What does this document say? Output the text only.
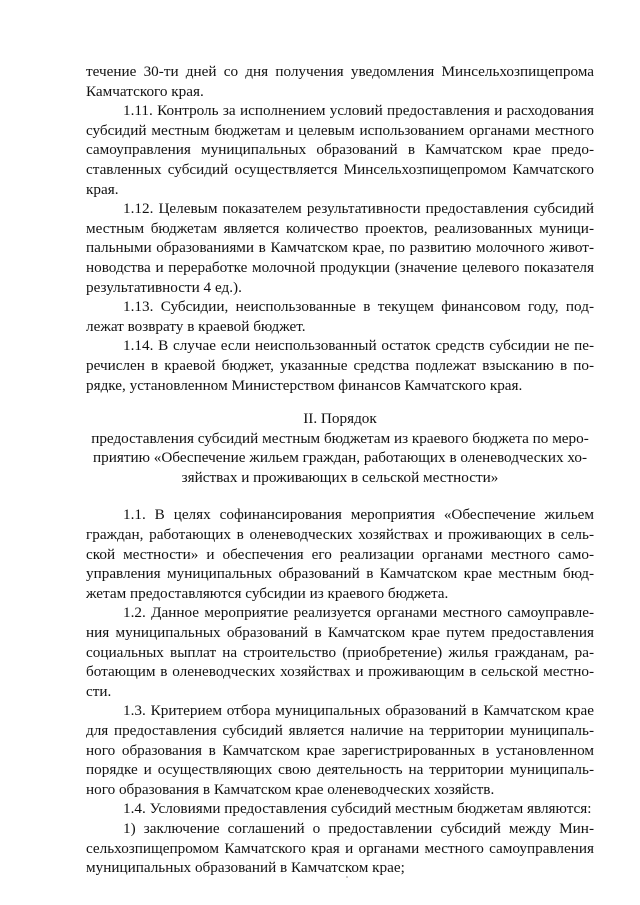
течение 30-ти дней со дня получения уведомления Минсельхозпищепрома Камчатского края.

1.11. Контроль за исполнением условий предоставления и расходования субсидий местным бюджетам и целевым использованием органами местного самоуправления муниципальных образований в Камчатском крае предоставленных субсидий осуществляется Минсельхозпищепромом Камчатского края.

1.12. Целевым показателем результативности предоставления субсидий местным бюджетам является количество проектов, реализованных муниципальными образованиями в Камчатском крае, по развитию молочного животноводства и переработке молочной продукции (значение целевого показателя результативности 4 ед.).

1.13. Субсидии, неиспользованные в текущем финансовом году, подлежат возврату в краевой бюджет.

1.14. В случае если неиспользованный остаток средств субсидии не перечислен в краевой бюджет, указанные средства подлежат взысканию в порядке, установленном Министерством финансов Камчатского края.

II. Порядок

предоставления субсидий местным бюджетам из краевого бюджета по мероприятию «Обеспечение жильем граждан, работающих в оленеводческих хозяйствах и проживающих в сельской местности»

1.1. В целях софинансирования мероприятия «Обеспечение жильем граждан, работающих в оленеводческих хозяйствах и проживающих в сельской местности» и обеспечения его реализации органами местного самоуправления муниципальных образований в Камчатском крае местным бюджетам предоставляются субсидии из краевого бюджета.

1.2. Данное мероприятие реализуется органами местного самоуправления муниципальных образований в Камчатском крае путем предоставления социальных выплат на строительство (приобретение) жилья гражданам, работающим в оленеводческих хозяйствах и проживающим в сельской местности.

1.3. Критерием отбора муниципальных образований в Камчатском крае для предоставления субсидий является наличие на территории муниципального образования в Камчатском крае зарегистрированных в установленном порядке и осуществляющих свою деятельность на территории муниципального образования в Камчатском крае оленеводческих хозяйств.

1.4. Условиями предоставления субсидий местным бюджетам являются:

1) заключение соглашений о предоставлении субсидий между Минсельхозпищепромом Камчатского края и органами местного самоуправления муниципальных образований в Камчатском крае;
